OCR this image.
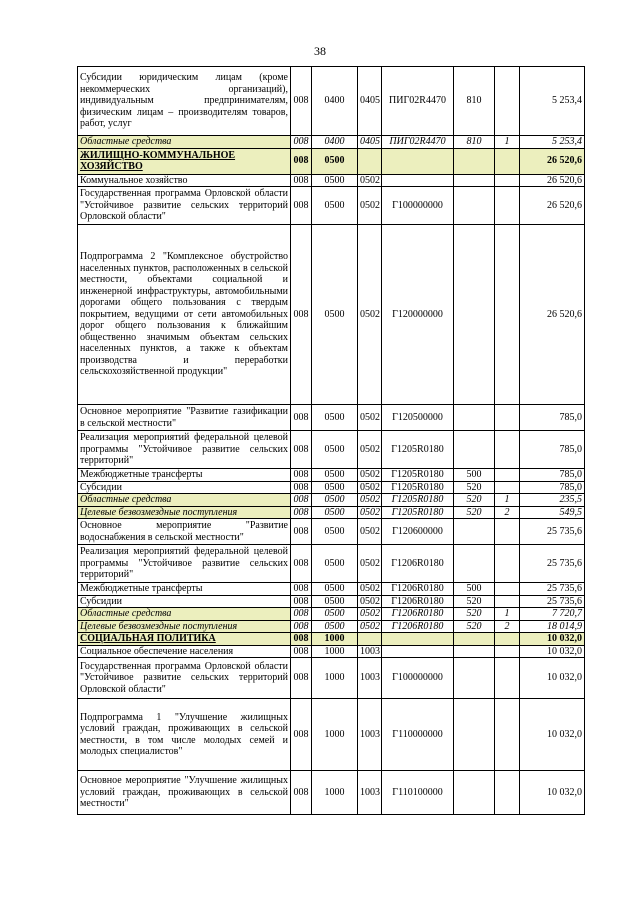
38
Субсидии юридическим лицам (кроме некоммерческих организаций), индивидуальным предпринимателям, физическим лицам – производителям товаров, работ, услуг	008	0400	0405	ПИГ02R4470	810		5 253,4
Областные средства	008	0400	0405	ПИГ02R4470	810	1	5 253,4
ЖИЛИЩНО-КОММУНАЛЬНОЕ ХОЗЯЙСТВО	008	0500					26 520,6
Коммунальное хозяйство	008	0500	0502				26 520,6
Государственная программа Орловской области "Устойчивое развитие сельских территорий Орловской области"	008	0500	0502	Г100000000			26 520,6
Подпрограмма 2 "Комплексное обустройство населенных пунктов, расположенных в сельской местности, объектами социальной и инженерной инфраструктуры, автомобильными дорогами общего пользования с твердым покрытием, ведущими от сети автомобильных дорог общего пользования к ближайшим общественно значимым объектам сельских населенных пунктов, а также к объектам производства и переработки сельскохозяйственной продукции"	008	0500	0502	Г120000000			26 520,6
Основное мероприятие "Развитие газификации в сельской местности"	008	0500	0502	Г120500000			785,0
Реализация мероприятий федеральной целевой программы "Устойчивое развитие сельских территорий"	008	0500	0502	Г1205R0180			785,0
Межбюджетные трансферты	008	0500	0502	Г1205R0180	500		785,0
Субсидии	008	0500	0502	Г1205R0180	520		785,0
Областные средства	008	0500	0502	Г1205R0180	520	1	235,5
Целевые безвозмездные поступления	008	0500	0502	Г1205R0180	520	2	549,5
Основное мероприятие "Развитие водоснабжения в сельской местности"	008	0500	0502	Г120600000			25 735,6
Реализация мероприятий федеральной целевой программы "Устойчивое развитие сельских территорий"	008	0500	0502	Г1206R0180			25 735,6
Межбюджетные трансферты	008	0500	0502	Г1206R0180	500		25 735,6
Субсидии	008	0500	0502	Г1206R0180	520		25 735,6
Областные средства	008	0500	0502	Г1206R0180	520	1	7 720,7
Целевые безвозмездные поступления	008	0500	0502	Г1206R0180	520	2	18 014,9
СОЦИАЛЬНАЯ ПОЛИТИКА	008	1000					10 032,0
Социальное обеспечение населения	008	1000	1003				10 032,0
Государственная программа Орловской области "Устойчивое развитие сельских территорий Орловской области"	008	1000	1003	Г100000000			10 032,0
Подпрограмма 1 "Улучшение жилищных условий граждан, проживающих в сельской местности, в том числе молодых семей и молодых специалистов"	008	1000	1003	Г110000000			10 032,0
Основное мероприятие "Улучшение жилищных условий граждан, проживающих в сельской местности"	008	1000	1003	Г110100000			10 032,0
